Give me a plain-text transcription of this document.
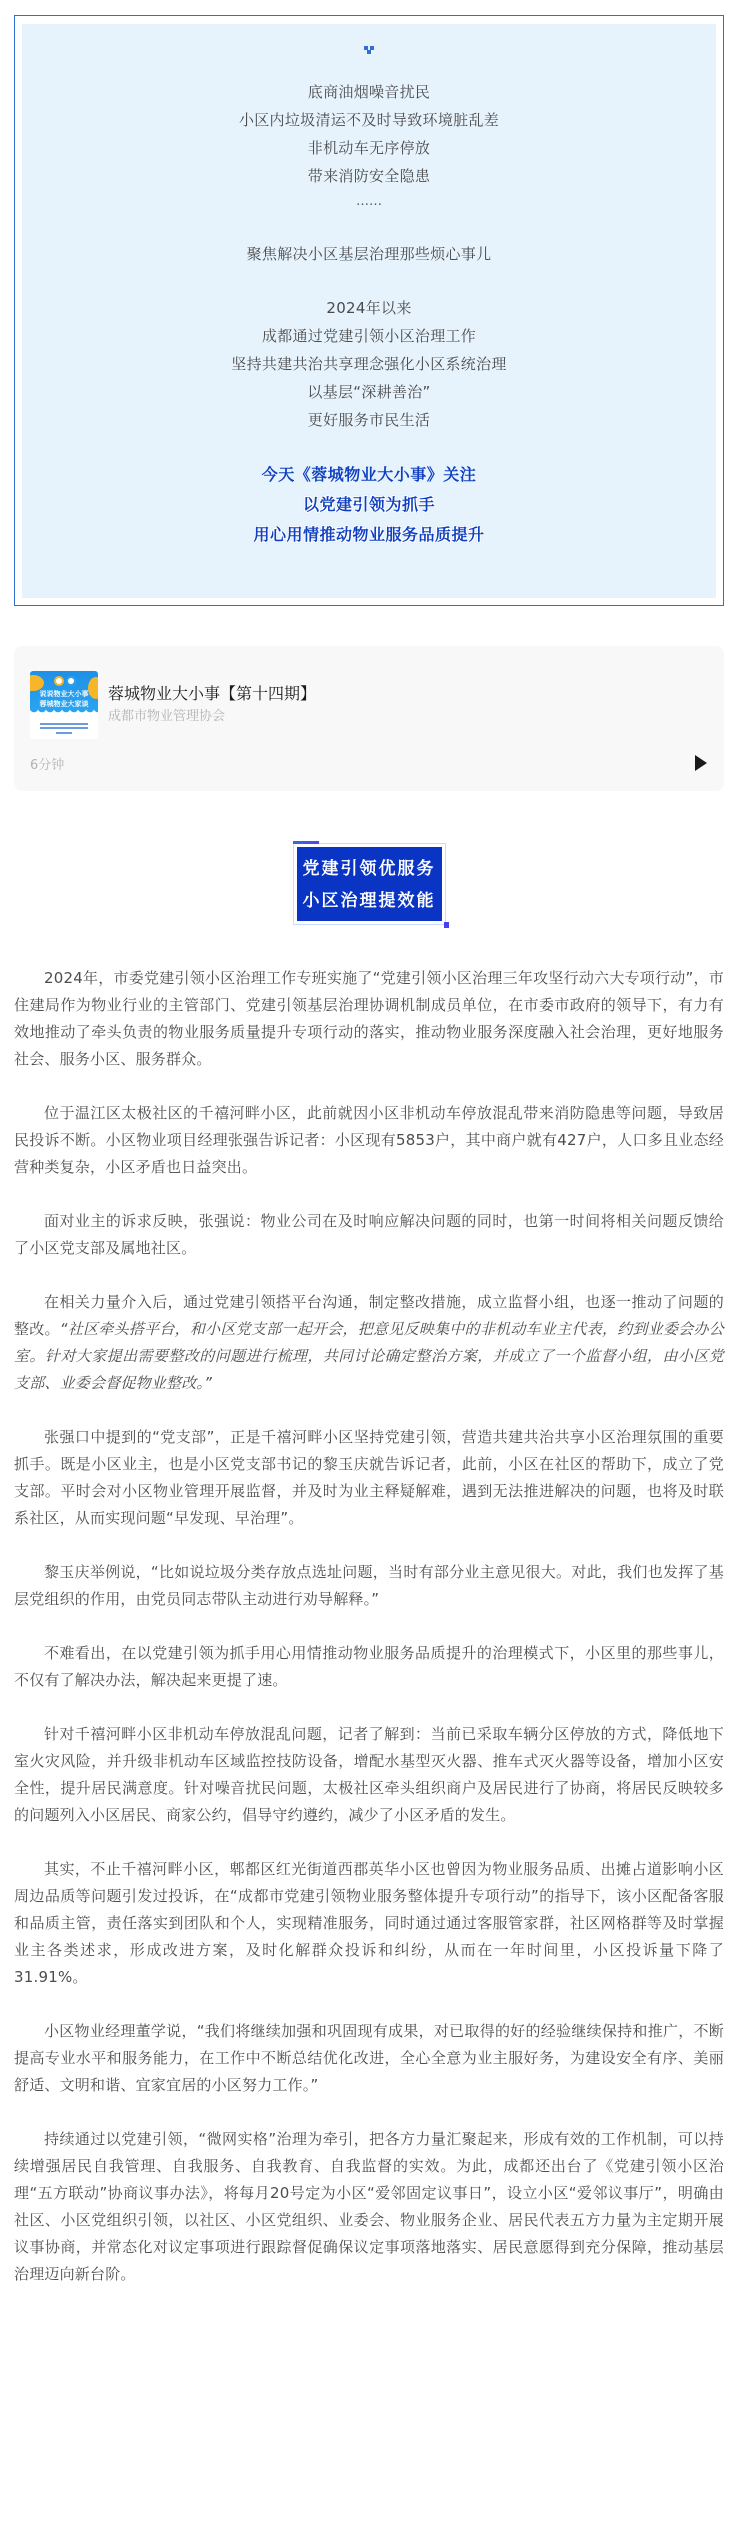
底商油烟噪音扰民

小区内垃圾清运不及时导致环境脏乱差

非机动车无序停放

带来消防安全隐患

……

聚焦解决小区基层治理那些烦心事儿

2024年以来

成都通过党建引领小区治理工作

坚持共建共治共享理念强化小区系统治理

以基层“深耕善治”

更好服务市民生活

今天《蓉城物业大小事》关注

以党建引领为抓手

用心用情推动物业服务品质提升

说说物业大小事
蓉城物业大家谈
蓉城物业大小事【第十四期】
成都市物业管理协会
6分钟
党建引领优服务
小区治理提效能

2024年，市委党建引领小区治理工作专班实施了“党建引领小区治理三年攻坚行动六大专项行动”，市住建局作为物业行业的主管部门、党建引领基层治理协调机制成员单位，在市委市政府的领导下，有力有效地推动了牵头负责的物业服务质量提升专项行动的落实，推动物业服务深度融入社会治理，更好地服务社会、服务小区、服务群众。

位于温江区太极社区的千禧河畔小区，此前就因小区非机动车停放混乱带来消防隐患等问题，导致居民投诉不断。小区物业项目经理张强告诉记者：小区现有5853户，其中商户就有427户，人口多且业态经营种类复杂，小区矛盾也日益突出。

面对业主的诉求反映，张强说：物业公司在及时响应解决问题的同时，也第一时间将相关问题反馈给了小区党支部及属地社区。

在相关力量介入后，通过党建引领搭平台沟通，制定整改措施，成立监督小组，也逐一推动了问题的整改。“社区牵头搭平台，和小区党支部一起开会，把意见反映集中的非机动车业主代表，约到业委会办公室。针对大家提出需要整改的问题进行梳理，共同讨论确定整治方案，并成立了一个监督小组，由小区党支部、业委会督促物业整改。”

张强口中提到的“党支部”，正是千禧河畔小区坚持党建引领，营造共建共治共享小区治理氛围的重要抓手。既是小区业主，也是小区党支部书记的黎玉庆就告诉记者，此前，小区在社区的帮助下，成立了党支部。平时会对小区物业管理开展监督，并及时为业主释疑解难，遇到无法推进解决的问题，也将及时联系社区，从而实现问题“早发现、早治理”。

黎玉庆举例说，“比如说垃圾分类存放点选址问题，当时有部分业主意见很大。对此，我们也发挥了基层党组织的作用，由党员同志带队主动进行劝导解释。”

不难看出，在以党建引领为抓手用心用情推动物业服务品质提升的治理模式下，小区里的那些事儿，不仅有了解决办法，解决起来更提了速。

针对千禧河畔小区非机动车停放混乱问题，记者了解到：当前已采取车辆分区停放的方式，降低地下室火灾风险，并升级非机动车区域监控技防设备，增配水基型灭火器、推车式灭火器等设备，增加小区安全性，提升居民满意度。针对噪音扰民问题，太极社区牵头组织商户及居民进行了协商，将居民反映较多的问题列入小区居民、商家公约，倡导守约遵约，减少了小区矛盾的发生。

其实，不止千禧河畔小区，郫都区红光街道西郡英华小区也曾因为物业服务品质、出摊占道影响小区周边品质等问题引发过投诉，在“成都市党建引领物业服务整体提升专项行动”的指导下，该小区配备客服和品质主管，责任落实到团队和个人，实现精准服务，同时通过通过客服管家群，社区网格群等及时掌握业主各类述求，形成改进方案，及时化解群众投诉和纠纷，从而在一年时间里，小区投诉量下降了31.91%。

小区物业经理董学说，“我们将继续加强和巩固现有成果，对已取得的好的经验继续保持和推广，不断提高专业水平和服务能力，在工作中不断总结优化改进，全心全意为业主服好务，为建设安全有序、美丽舒适、文明和谐、宜家宜居的小区努力工作。”

持续通过以党建引领，“微网实格”治理为牵引，把各方力量汇聚起来，形成有效的工作机制，可以持续增强居民自我管理、自我服务、自我教育、自我监督的实效。为此，成都还出台了《党建引领小区治理“五方联动”协商议事办法》，将每月20号定为小区“爱邻固定议事日”，设立小区“爱邻议事厅”，明确由社区、小区党组织引领，以社区、小区党组织、业委会、物业服务企业、居民代表五方力量为主定期开展议事协商，并常态化对议定事项进行跟踪督促确保议定事项落地落实、居民意愿得到充分保障，推动基层治理迈向新台阶。
